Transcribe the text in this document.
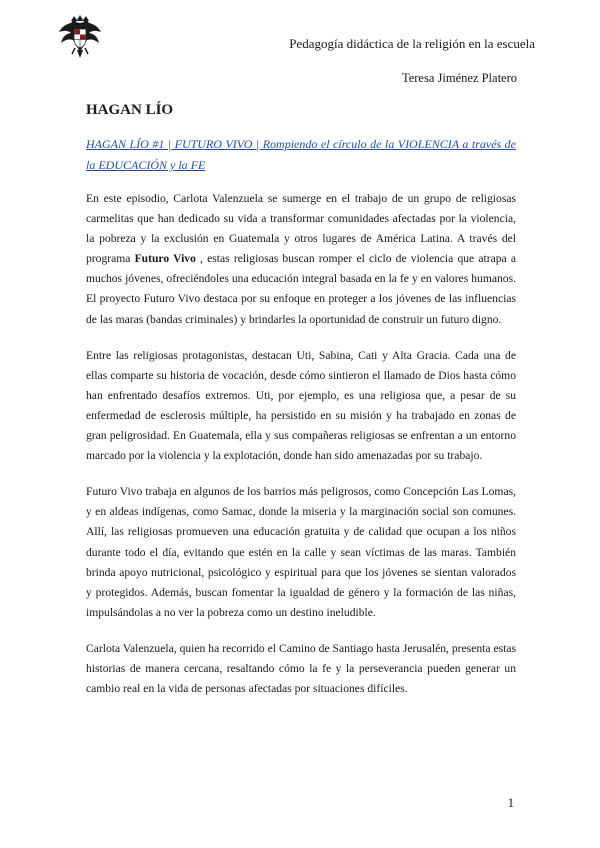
Pedagogía didáctica de la religión en la escuela
Teresa Jiménez Platero
HAGAN LÍO
HAGAN LÍO #1 | FUTURO VIVO | Rompiendo el círculo de la VIOLENCIA a través de la EDUCACIÓN y la FE

En este episodio, Carlota Valenzuela se sumerge en el trabajo de un grupo de religiosas carmelitas que han dedicado su vida a transformar comunidades afectadas por la violencia, la pobreza y la exclusión en Guatemala y otros lugares de América Latina. A través del programa Futuro Vivo , estas religiosas buscan romper el ciclo de violencia que atrapa a muchos jóvenes, ofreciéndoles una educación integral basada en la fe y en valores humanos. El proyecto Futuro Vivo destaca por su enfoque en proteger a los jóvenes de las influencias de las maras (bandas criminales) y brindarles la oportunidad de construir un futuro digno.

Entre las religiosas protagonistas, destacan Uti, Sabina, Cati y Alta Gracia. Cada una de ellas comparte su historia de vocación, desde cómo sintieron el llamado de Dios hasta cómo han enfrentado desafíos extremos. Uti, por ejemplo, es una religiosa que, a pesar de su enfermedad de esclerosis múltiple, ha persistido en su misión y ha trabajado en zonas de gran peligrosidad. En Guatemala, ella y sus compañeras religiosas se enfrentan a un entorno marcado por la violencia y la explotación, donde han sido amenazadas por su trabajo.

Futuro Vivo trabaja en algunos de los barrios más peligrosos, como Concepción Las Lomas, y en aldeas indígenas, como Samac, donde la miseria y la marginación social son comunes. Allí, las religiosas promueven una educación gratuita y de calidad que ocupan a los niños durante todo el día, evitando que estén en la calle y sean víctimas de las maras. También brinda apoyo nutricional, psicológico y espiritual para que los jóvenes se sientan valorados y protegidos. Además, buscan fomentar la igualdad de género y la formación de las niñas, impulsándolas a no ver la pobreza como un destino ineludible.

Carlota Valenzuela, quien ha recorrido el Camino de Santiago hasta Jerusalén, presenta estas historias de manera cercana, resaltando cómo la fe y la perseverancia pueden generar un cambio real en la vida de personas afectadas por situaciones difíciles.

1
